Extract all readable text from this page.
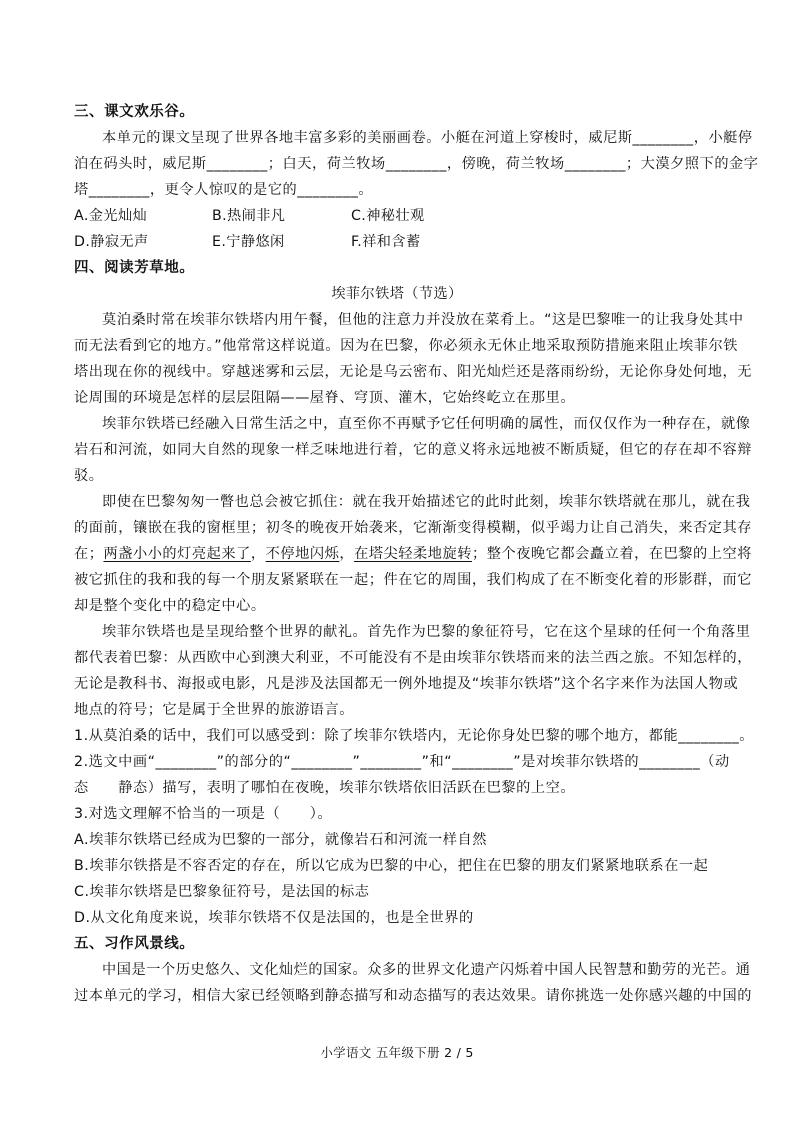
三、课文欢乐谷。
本单元的课文呈现了世界各地丰富多彩的美丽画卷。小艇在河道上穿梭时，威尼斯________，小艇停
泊在码头时，威尼斯________；白天，荷兰牧场________，傍晚，荷兰牧场________；大漠夕照下的金字
塔________，更令人惊叹的是它的________。
A.金光灿灿	B.热闹非凡	C.神秘壮观
D.静寂无声	E.宁静悠闲	F.祥和含蓄
四、阅读芳草地。
埃菲尔铁塔（节选）
莫泊桑时常在埃菲尔铁塔内用午餐，但他的注意力并没放在菜肴上。“这是巴黎唯一的让我身处其中
而无法看到它的地方。”他常常这样说道。因为在巴黎，你必须永无休止地采取预防措施来阻止埃菲尔铁
塔出现在你的视线中。穿越迷雾和云层，无论是乌云密布、阳光灿烂还是落雨纷纷，无论你身处何地，无
论周围的环境是怎样的层层阻隔——屋脊、穹顶、灌木，它始终屹立在那里。
埃菲尔铁塔已经融入日常生活之中，直至你不再赋予它任何明确的属性，而仅仅作为一种存在，就像
岩石和河流，如同大自然的现象一样乏味地进行着，它的意义将永远地被不断质疑，但它的存在却不容辩
驳。
即使在巴黎匆匆一瞥也总会被它抓住：就在我开始描述它的此时此刻，埃菲尔铁塔就在那儿，就在我
的面前，镶嵌在我的窗框里；初冬的晚夜开始袭来，它渐渐变得模糊，似乎竭力让自己消失，来否定其存
在；两盏小小的灯亮起来了，不停地闪烁，在塔尖轻柔地旋转；整个夜晚它都会矗立着，在巴黎的上空将
被它抓住的我和我的每一个朋友紧紧联在一起；件在它的周围，我们构成了在不断变化着的形影群，而它
却是整个变化中的稳定中心。
埃菲尔铁塔也是呈现给整个世界的献礼。首先作为巴黎的象征符号，它在这个星球的任何一个角落里
都代表着巴黎：从西欧中心到澳大利亚，不可能没有不是由埃菲尔铁塔而来的法兰西之旅。不知怎样的，
无论是教科书、海报或电影，凡是涉及法国都无一例外地提及“埃菲尔铁塔”这个名字来作为法国人物或
地点的符号；它是属于全世界的旅游语言。
1.从莫泊桑的话中，我们可以感受到：除了埃菲尔铁塔内，无论你身处巴黎的哪个地方，都能________。
2.选文中画“________”的部分的“________”________”和“________”是对埃菲尔铁塔的________（动
态　　静态）描写，表明了哪怕在夜晚，埃菲尔铁塔依旧活跃在巴黎的上空。
3.对选文理解不恰当的一项是（　　）。
A.埃菲尔铁塔已经成为巴黎的一部分，就像岩石和河流一样自然
B.埃菲尔铁搭是不容否定的存在，所以它成为巴黎的中心，把住在巴黎的朋友们紧紧地联系在一起
C.埃菲尔铁塔是巴黎象征符号，是法国的标志
D.从文化角度来说，埃菲尔铁塔不仅是法国的，也是全世界的
五、习作风景线。
中国是一个历史悠久、文化灿烂的国家。众多的世界文化遗产闪烁着中国人民智慧和勤劳的光芒。通
过本单元的学习，相信大家已经领略到静态描写和动态描写的表达效果。请你挑选一处你感兴趣的中国的
小学语文 五年级下册 2 / 5
